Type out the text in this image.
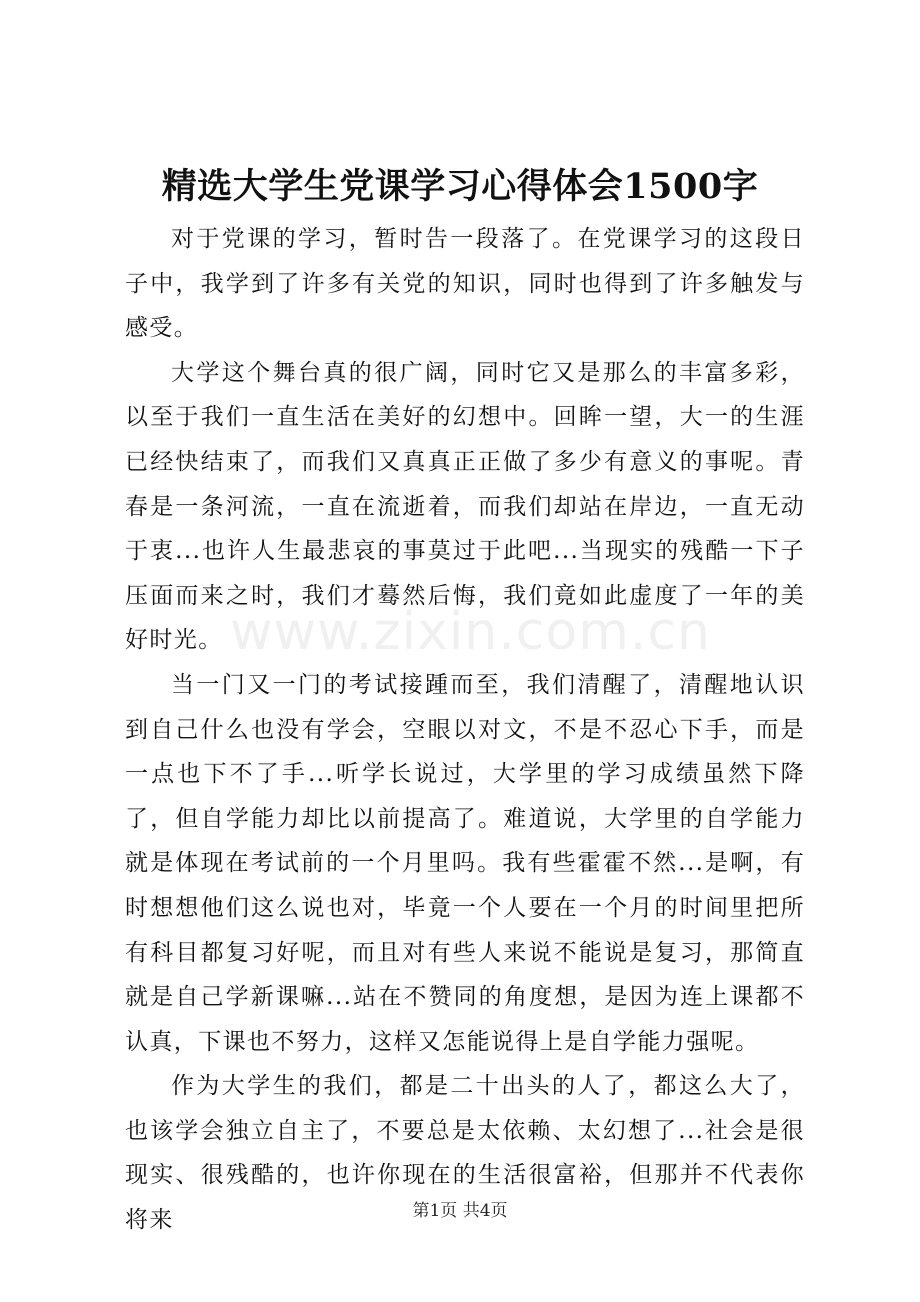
www.zixin.com.cn
精选大学生党课学习心得体会1500字

对于党课的学习，暂时告一段落了。在党课学习的这段日子中，我学到了许多有关党的知识，同时也得到了许多触发与感受。

大学这个舞台真的很广阔，同时它又是那么的丰富多彩，以至于我们一直生活在美好的幻想中。回眸一望，大一的生涯已经快结束了，而我们又真真正正做了多少有意义的事呢。青春是一条河流，一直在流逝着，而我们却站在岸边，一直无动于衷...也许人生最悲哀的事莫过于此吧...当现实的残酷一下子压面而来之时，我们才蓦然后悔，我们竟如此虚度了一年的美好时光。

当一门又一门的考试接踵而至，我们清醒了，清醒地认识到自己什么也没有学会，空眼以对文，不是不忍心下手，而是一点也下不了手...听学长说过，大学里的学习成绩虽然下降了，但自学能力却比以前提高了。难道说，大学里的自学能力就是体现在考试前的一个月里吗。我有些霍霍不然...是啊，有时想想他们这么说也对，毕竟一个人要在一个月的时间里把所有科目都复习好呢，而且对有些人来说不能说是复习，那简直就是自己学新课嘛...站在不赞同的角度想，是因为连上课都不认真，下课也不努力，这样又怎能说得上是自学能力强呢。

作为大学生的我们，都是二十出头的人了，都这么大了，也该学会独立自主了，不要总是太依赖、太幻想了...社会是很现实、很残酷的，也许你现在的生活很富裕，但那并不代表你将来	第1页 共4页
